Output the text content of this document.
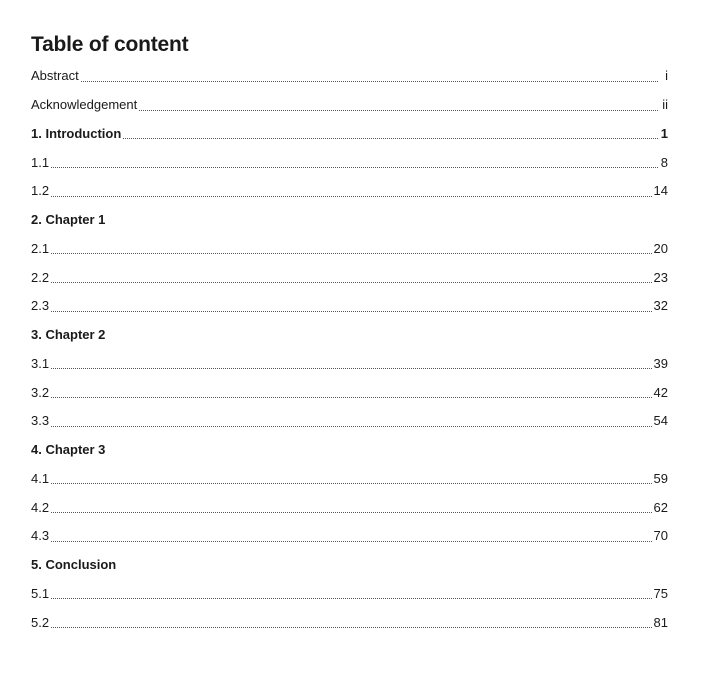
Table of content
Abstract	i
Acknowledgement	ii
1. Introduction	1
1.1	8
1.2	14
2. Chapter 1
2.1	20
2.2	23
2.3	32
3. Chapter 2
3.1	39
3.2	42
3.3	54
4. Chapter 3
4.1	59
4.2	62
4.3	70
5. Conclusion
5.1	75
5.2	81
